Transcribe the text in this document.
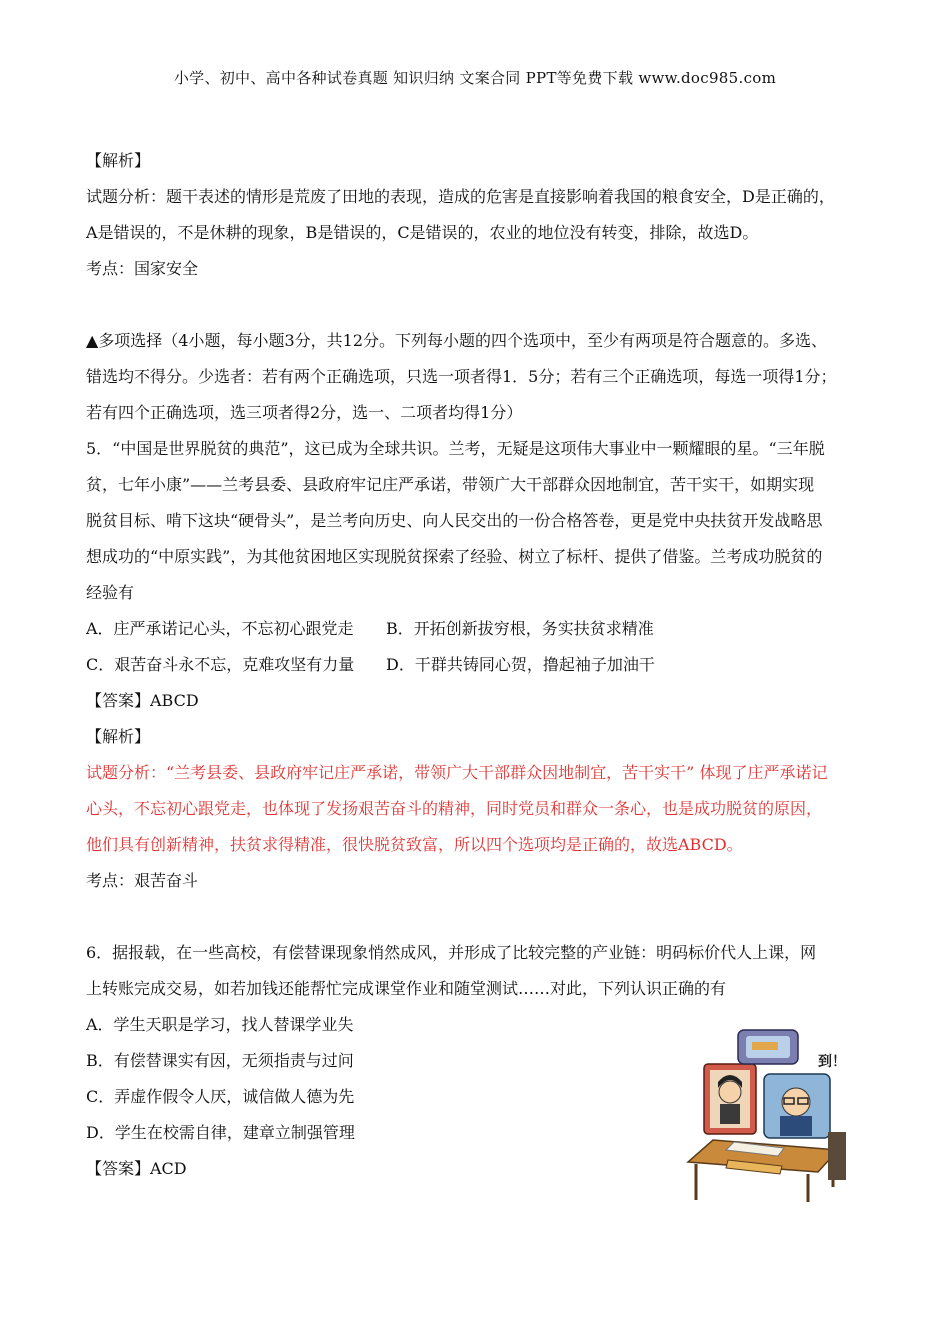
小学、初中、高中各种试卷真题 知识归纳 文案合同 PPT等免费下载 www.doc985.com

【解析】

试题分析：题干表述的情形是荒废了田地的表现，造成的危害是直接影响着我国的粮食安全，D是正确的，

A是错误的，不是休耕的现象，B是错误的，C是错误的，农业的地位没有转变，排除，故选D。

考点：国家安全

▲多项选择（4小题，每小题3分，共12分。下列每小题的四个选项中，至少有两项是符合题意的。多选、

错选均不得分。少选者：若有两个正确选项，只选一项者得1．5分；若有三个正确选项，每选一项得1分；

若有四个正确选项，选三项者得2分，选一、二项者均得1分）

5．“中国是世界脱贫的典范”，这已成为全球共识。兰考，无疑是这项伟大事业中一颗耀眼的星。“三年脱

贫，七年小康”——兰考县委、县政府牢记庄严承诺，带领广大干部群众因地制宜，苦干实干，如期实现

脱贫目标、啃下这块“硬骨头”，是兰考向历史、向人民交出的一份合格答卷，更是党中央扶贫开发战略思

想成功的“中原实践”，为其他贫困地区实现脱贫探索了经验、树立了标杆、提供了借鉴。兰考成功脱贫的

经验有

A．庄严承诺记心头，不忘初心跟党走	B．开拓创新拔穷根，务实扶贫求精准
C．艰苦奋斗永不忘，克难攻坚有力量	D．干群共铸同心贺，撸起袖子加油干

【答案】ABCD

【解析】

试题分析：“兰考县委、县政府牢记庄严承诺，带领广大干部群众因地制宜，苦干实干” 体现了庄严承诺记

心头，不忘初心跟党走，也体现了发扬艰苦奋斗的精神，同时党员和群众一条心，也是成功脱贫的原因，

他们具有创新精神，扶贫求得精准，很快脱贫致富，所以四个选项均是正确的，故选ABCD。

考点：艰苦奋斗

6．据报载，在一些高校，有偿替课现象悄然成风，并形成了比较完整的产业链：明码标价代人上课，网

上转账完成交易，如若加钱还能帮忙完成课堂作业和随堂测试……对此，下列认识正确的有

A．学生天职是学习，找人替课学业失

B．有偿替课实有因，无须指责与过问

C．弄虚作假令人厌，诚信做人德为先

D．学生在校需自律，建章立制强管理

【答案】ACD

到！
